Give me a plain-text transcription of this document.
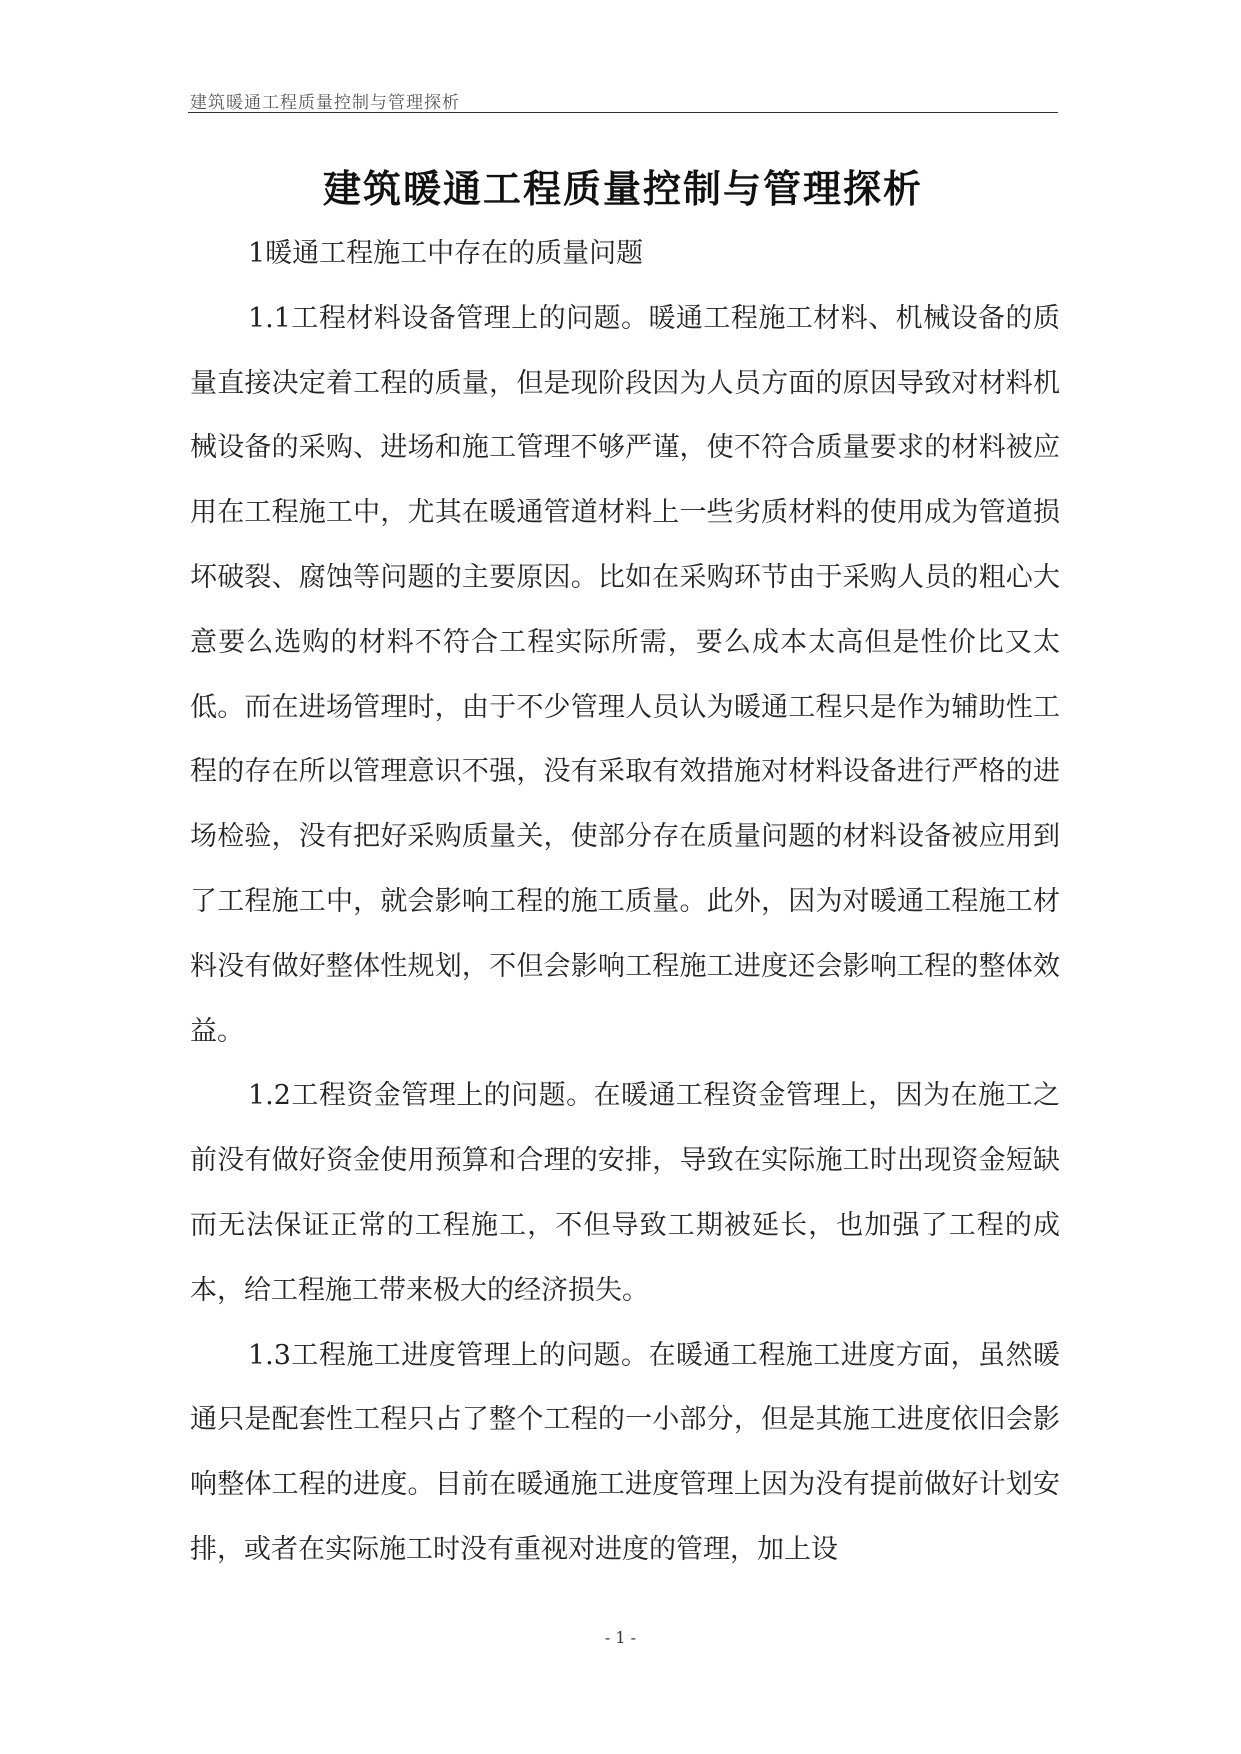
建筑暖通工程质量控制与管理探析
建筑暖通工程质量控制与管理探析

1暖通工程施工中存在的质量问题

1.1工程材料设备管理上的问题。暖通工程施工材料、机械设备的质量直接决定着工程的质量，但是现阶段因为人员方面的原因导致对材料机械设备的采购、进场和施工管理不够严谨，使不符合质量要求的材料被应用在工程施工中，尤其在暖通管道材料上一些劣质材料的使用成为管道损坏破裂、腐蚀等问题的主要原因。比如在采购环节由于采购人员的粗心大意要么选购的材料不符合工程实际所需，要么成本太高但是性价比又太低。而在进场管理时，由于不少管理人员认为暖通工程只是作为辅助性工程的存在所以管理意识不强，没有采取有效措施对材料设备进行严格的进场检验，没有把好采购质量关，使部分存在质量问题的材料设备被应用到了工程施工中，就会影响工程的施工质量。此外，因为对暖通工程施工材料没有做好整体性规划，不但会影响工程施工进度还会影响工程的整体效益。

1.2工程资金管理上的问题。在暖通工程资金管理上，因为在施工之前没有做好资金使用预算和合理的安排，导致在实际施工时出现资金短缺而无法保证正常的工程施工，不但导致工期被延长，也加强了工程的成本，给工程施工带来极大的经济损失。

1.3工程施工进度管理上的问题。在暖通工程施工进度方面，虽然暖通只是配套性工程只占了整个工程的一小部分，但是其施工进度依旧会影响整体工程的进度。目前在暖通施工进度管理上因为没有提前做好计划安排，或者在实际施工时没有重视对进度的管理，加上设

- 1 -
